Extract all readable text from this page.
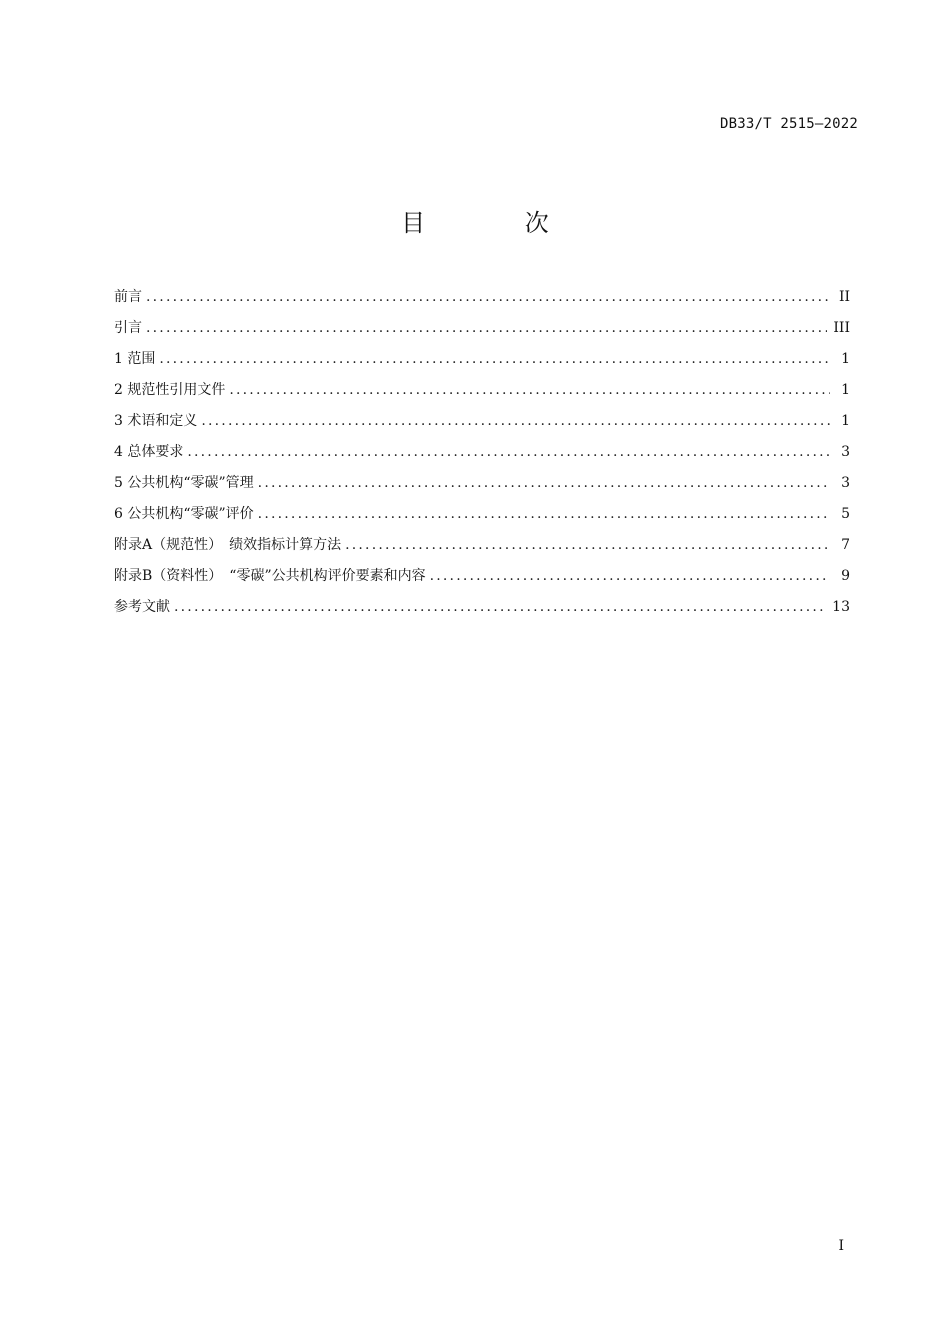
DB33/T 2515—2022
目 次
前言 .....	II
引言 .....	III
1 范围 .....	1
2 规范性引用文件 .....	1
3 术语和定义 .....	1
4 总体要求 .....	3
5 公共机构“零碳”管理 .....	3
6 公共机构“零碳”评价 .....	5
附录A（规范性）　绩效指标计算方法 .....	7
附录B（资料性）　“零碳”公共机构评价要素和内容 .....	9
参考文献 .....	13
I
